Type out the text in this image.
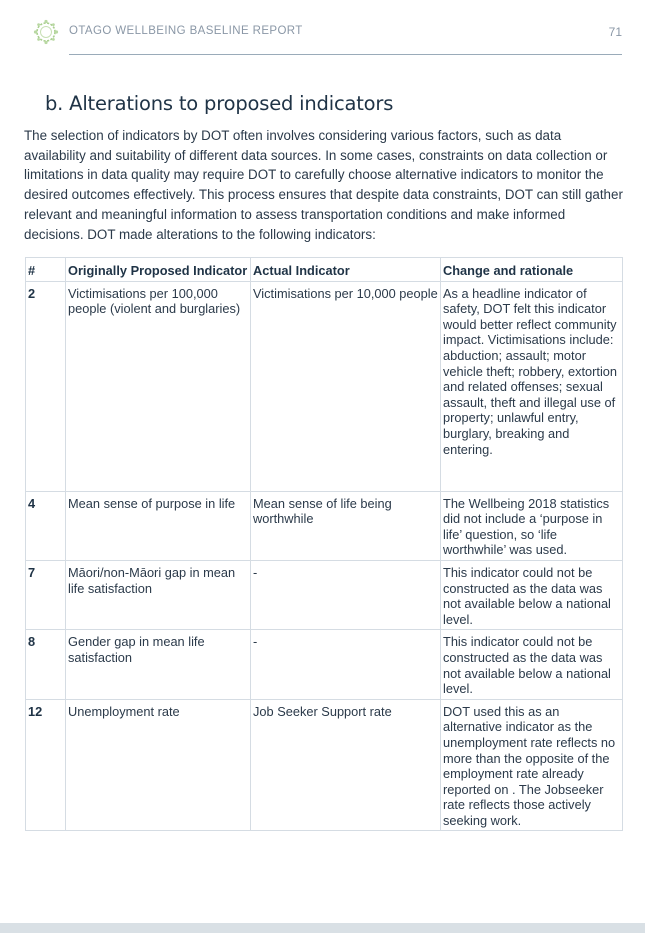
OTAGO WELLBEING BASELINE REPORT	71
b. Alterations to proposed indicators

The selection of indicators by DOT often involves considering various factors, such as data availability and suitability of different data sources. In some cases, constraints on data collection or limitations in data quality may require DOT to carefully choose alternative indicators to monitor the desired outcomes effectively. This process ensures that despite data constraints, DOT can still gather relevant and meaningful information to assess transportation conditions and make informed decisions. DOT made alterations to the following indicators:

#	Originally Proposed Indicator	Actual Indicator	Change and rationale
2	Victimisations per 100,000 people (violent and burglaries)	Victimisations per 10,000 people	As a headline indicator of safety, DOT felt this indicator would better reflect community impact. Victimisations include: abduction; assault; motor vehicle theft; robbery, extortion and related offenses; sexual assault, theft and illegal use of property; unlawful entry, burglary, breaking and entering.
4	Mean sense of purpose in life	Mean sense of life being worthwhile	The Wellbeing 2018 statistics did not include a ‘purpose in life’ question, so ‘life worthwhile’ was used.
7	Māori/non-Māori gap in mean life satisfaction	-	This indicator could not be constructed as the data was not available below a national level.
8	Gender gap in mean life satisfaction	-	This indicator could not be constructed as the data was not available below a national level.
12	Unemployment rate	Job Seeker Support rate	DOT used this as an alternative indicator as the unemployment rate reflects no more than the opposite of the employment rate already reported on . The Jobseeker rate reflects those actively seeking work.
